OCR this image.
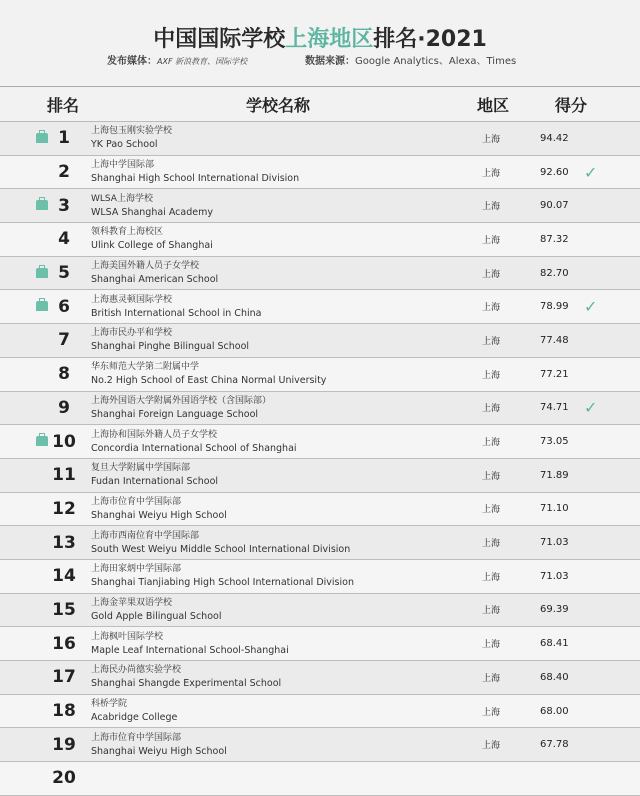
中国国际学校上海地区排名·2021
发布媒体：AXF 新浪教育、国际学校	数据来源：Google Analytics、Alexa、Times
排名	学校名称	地区	得分
1	上海包玉刚实验学校
YK Pao School	上海	94.42
2	上海中学国际部
Shanghai High School International Division	上海	92.60 ✓
3	WLSA上海学校
WLSA Shanghai Academy	上海	90.07
4	领科教育上海校区
Ulink College of Shanghai	上海	87.32
5	上海美国外籍人员子女学校
Shanghai American School	上海	82.70
6	上海惠灵顿国际学校
British International School in China	上海	78.99 ✓
7	上海市民办平和学校
Shanghai Pinghe Bilingual School	上海	77.48
8	华东师范大学第二附属中学
No.2 High School of East China Normal University	上海	77.21
9	上海外国语大学附属外国语学校（含国际部）
Shanghai Foreign Language School	上海	74.71 ✓
10 上海协和国际外籍人员子女学校
Concordia International School of Shanghai	上海	73.05
11 复旦大学附属中学国际部
Fudan International School	上海	71.89
12 上海市位育中学国际部
Shanghai Weiyu High School	上海	71.10
13 上海市西南位育中学国际部
South West Weiyu Middle School International Division	上海	71.03
14 上海田家炳中学国际部
Shanghai Tianjiabing High School International Division	上海	71.03
15 上海金苹果双语学校
Gold Apple Bilingual School	上海	69.39
16 上海枫叶国际学校
Maple Leaf International School-Shanghai	上海	68.41
17 上海民办尚德实验学校
Shanghai Shangde Experimental School	上海	68.40
18 科桥学院
Acabridge College	上海	68.00
19 上海市位育中学国际部
Shanghai Weiyu High School	上海	67.78
20
